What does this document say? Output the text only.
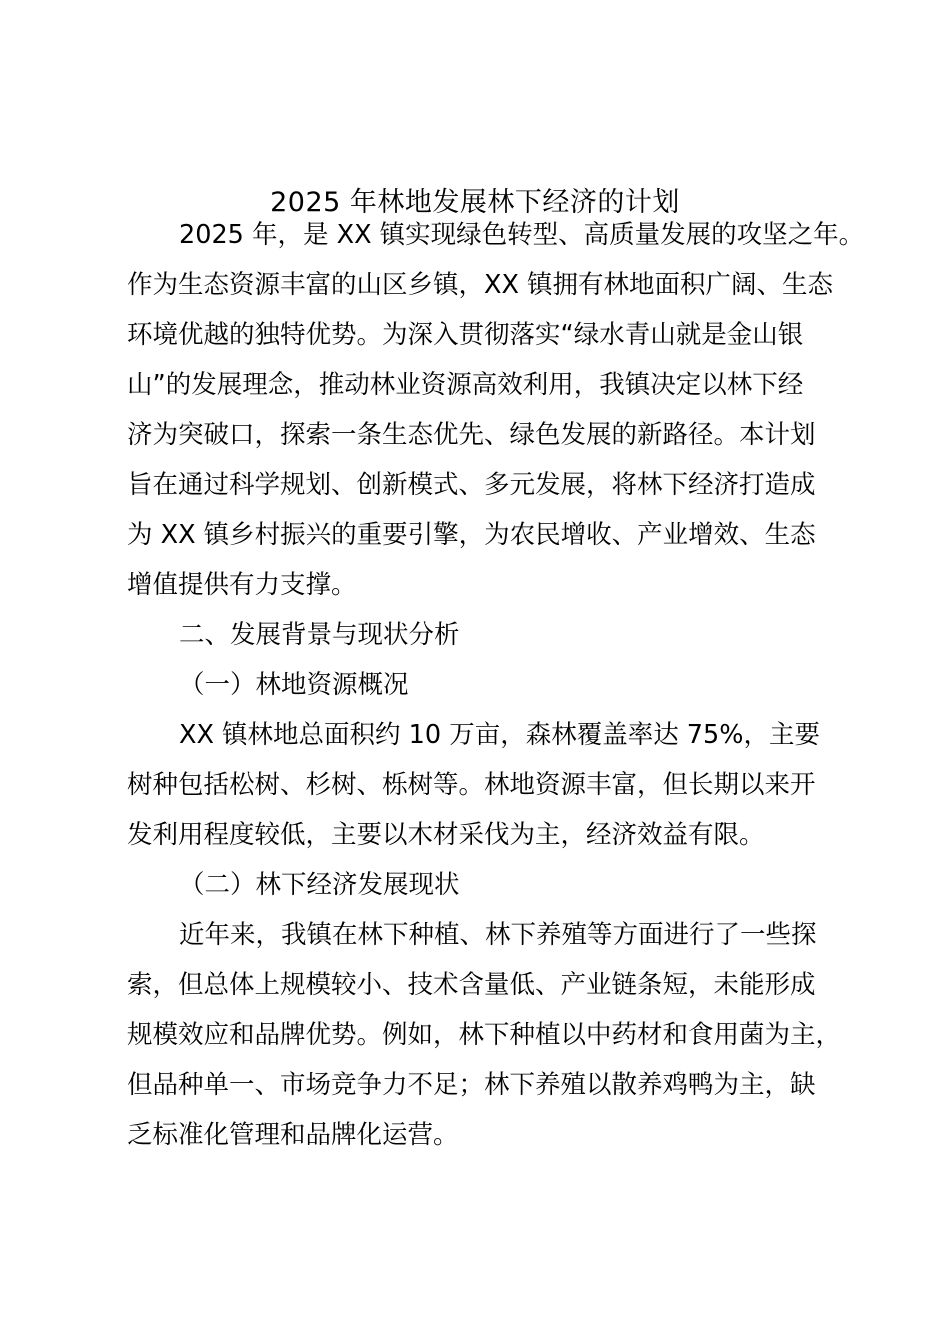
2025 年林地发展林下经济的计划
2025 年，是 XX 镇实现绿色转型、高质量发展的攻坚之年。
作为生态资源丰富的山区乡镇，XX 镇拥有林地面积广阔、生态
环境优越的独特优势。为深入贯彻落实“绿水青山就是金山银
山”的发展理念，推动林业资源高效利用，我镇决定以林下经
济为突破口，探索一条生态优先、绿色发展的新路径。本计划
旨在通过科学规划、创新模式、多元发展，将林下经济打造成
为 XX 镇乡村振兴的重要引擎，为农民增收、产业增效、生态
增值提供有力支撑。
二、发展背景与现状分析
（一）林地资源概况
XX 镇林地总面积约 10 万亩，森林覆盖率达 75%，主要
树种包括松树、杉树、栎树等。林地资源丰富，但长期以来开
发利用程度较低，主要以木材采伐为主，经济效益有限。
（二）林下经济发展现状
近年来，我镇在林下种植、林下养殖等方面进行了一些探
索，但总体上规模较小、技术含量低、产业链条短，未能形成
规模效应和品牌优势。例如，林下种植以中药材和食用菌为主，
但品种单一、市场竞争力不足；林下养殖以散养鸡鸭为主，缺
乏标准化管理和品牌化运营。
